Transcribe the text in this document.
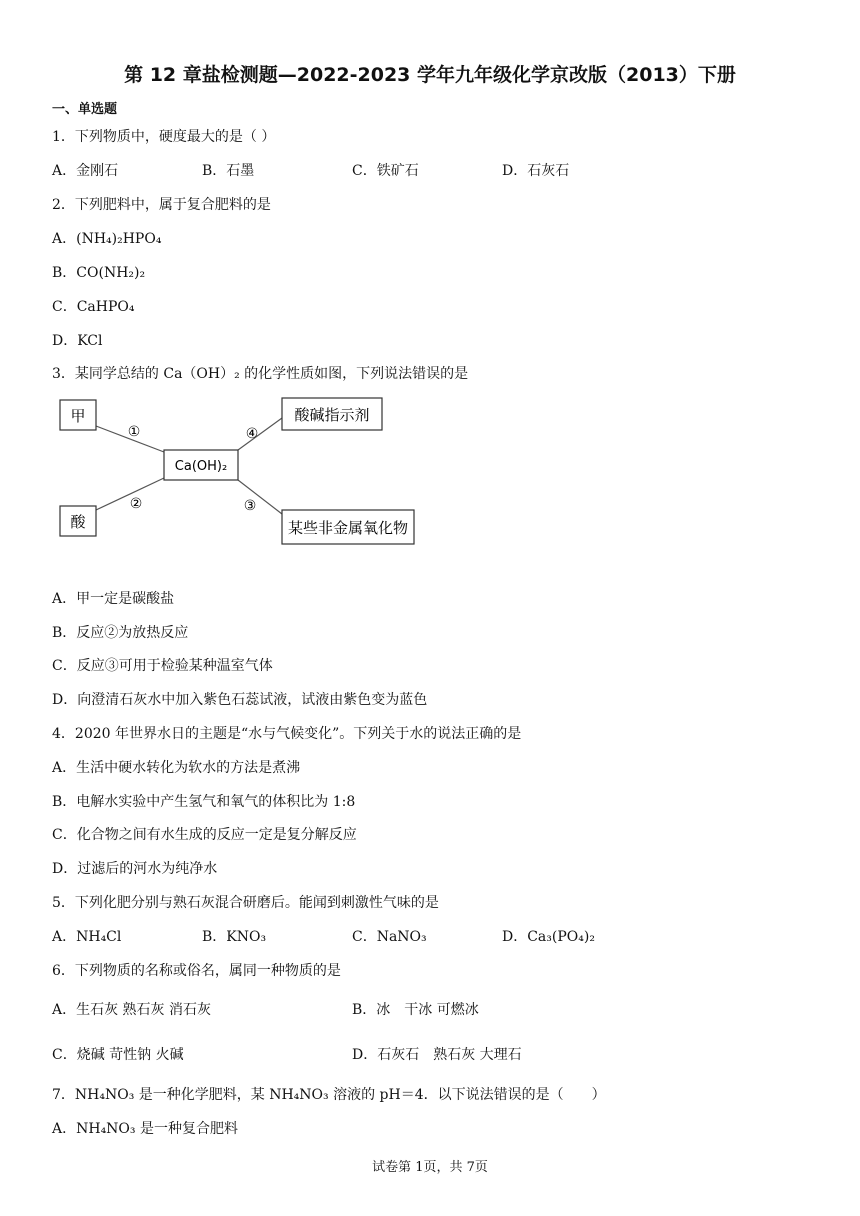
第 12 章盐检测题—2022-2023 学年九年级化学京改版（2013）下册
一、单选题
1．下列物质中，硬度最大的是（ ）
A．金刚石	B．石墨	C．铁矿石	D．石灰石
2．下列肥料中，属于复合肥料的是
A．(NH₄)₂HPO₄
B．CO(NH₂)₂
C．CaHPO₄
D．KCl
3．某同学总结的 Ca（OH）₂ 的化学性质如图，下列说法错误的是
Ca(OH)₂
甲
酸
酸碱指示剂
某些非金属氧化物
①
②	③
④
A．甲一定是碳酸盐
B．反应②为放热反应
C．反应③可用于检验某种温室气体
D．向澄清石灰水中加入紫色石蕊试液，试液由紫色变为蓝色
4．2020 年世界水日的主题是“水与气候变化”。下列关于水的说法正确的是
A．生活中硬水转化为软水的方法是煮沸
B．电解水实验中产生氢气和氧气的体积比为 1:8
C．化合物之间有水生成的反应一定是复分解反应
D．过滤后的河水为纯净水
5．下列化肥分别与熟石灰混合研磨后。能闻到刺激性气味的是
A．NH₄Cl	B．KNO₃	C．NaNO₃	D．Ca₃(PO₄)₂
6．下列物质的名称或俗名，属同一种物质的是
A．生石灰 熟石灰 消石灰	B．冰　干冰 可燃冰
C．烧碱 苛性钠 火碱	D．石灰石　熟石灰 大理石
7．NH₄NO₃ 是一种化学肥料，某 NH₄NO₃ 溶液的 pH＝4．以下说法错误的是（　　）
A．NH₄NO₃ 是一种复合肥料
试卷第 1页，共 7页
